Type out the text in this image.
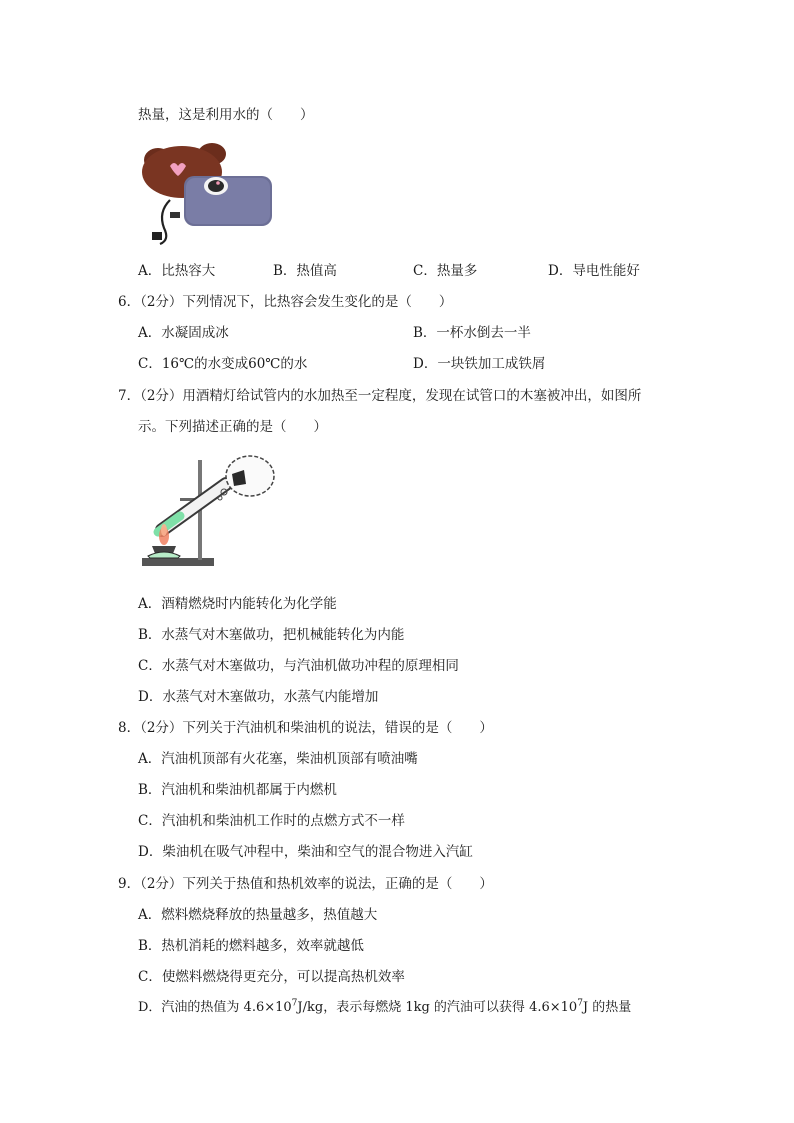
热量，这是利用水的（　　）
A．比热容大	B．热值高	C．热量多	D．导电性能好
6．（2分）下列情况下，比热容会发生变化的是（　　）
A．水凝固成冰	B．一杯水倒去一半
C．16℃的水变成60℃的水	D．一块铁加工成铁屑
7．（2分）用酒精灯给试管内的水加热至一定程度，发现在试管口的木塞被冲出，如图所
示。下列描述正确的是（　　）
A．酒精燃烧时内能转化为化学能
B．水蒸气对木塞做功，把机械能转化为内能
C．水蒸气对木塞做功，与汽油机做功冲程的原理相同
D．水蒸气对木塞做功，水蒸气内能增加
8．（2分）下列关于汽油机和柴油机的说法，错误的是（　　）
A．汽油机顶部有火花塞，柴油机顶部有喷油嘴
B．汽油机和柴油机都属于内燃机
C．汽油机和柴油机工作时的点燃方式不一样
D．柴油机在吸气冲程中，柴油和空气的混合物进入汽缸
9．（2分）下列关于热值和热机效率的说法，正确的是（　　）
A．燃料燃烧释放的热量越多，热值越大
B．热机消耗的燃料越多，效率就越低
C．使燃料燃烧得更充分，可以提高热机效率
D．汽油的热值为 $4.6\times 10^7J/kg$，表示每燃烧 1kg 的汽油可以获得 $4.6\times 10^7J$ 的热量
